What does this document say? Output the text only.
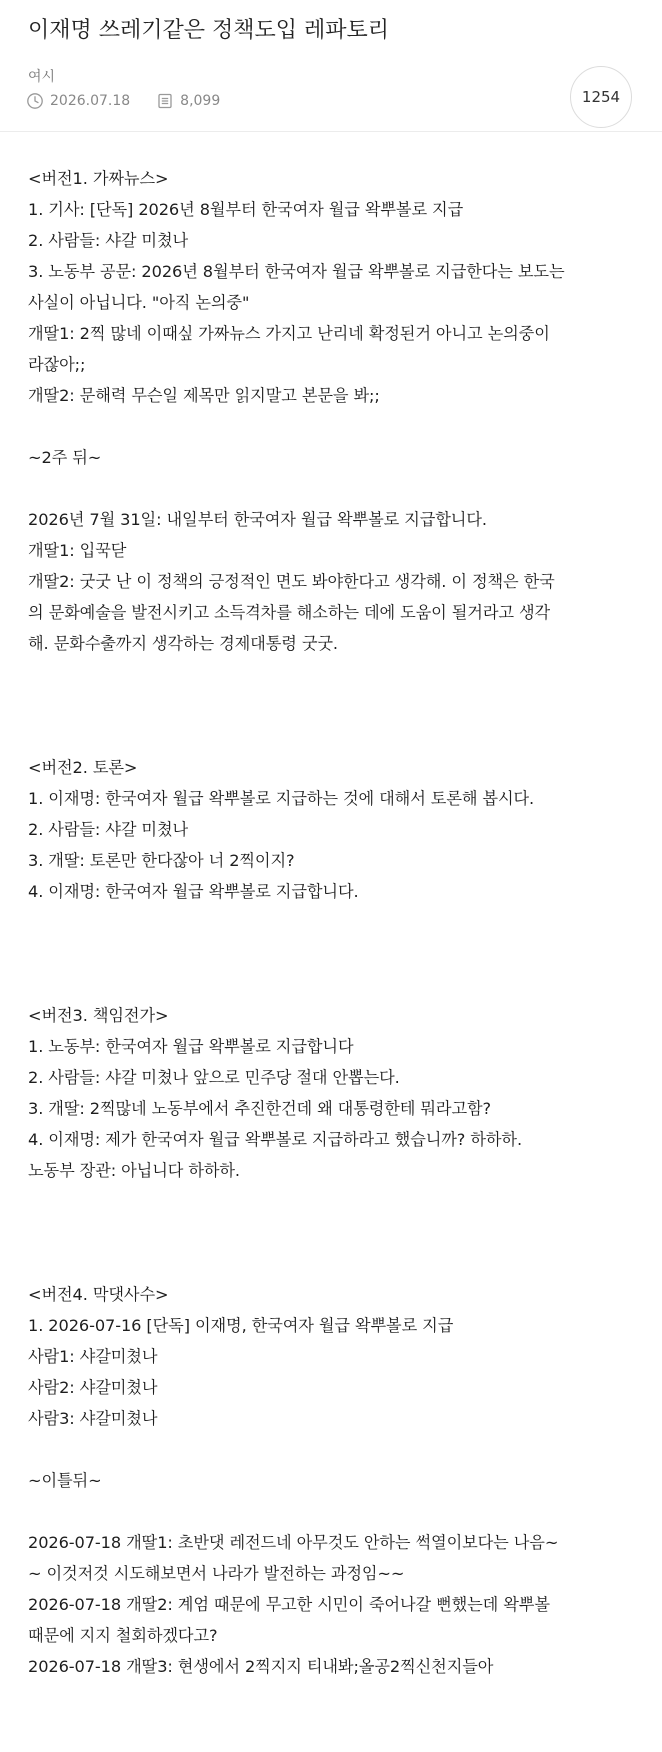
이재명 쓰레기같은 정책도입 레파토리
여시
2026.07.18	8,099	1254
<버전1. 가짜뉴스>
1. 기사: [단독] 2026년 8월부터 한국여자 월급 왁뿌볼로 지급
2. 사람들: 샤갈 미쳤나
3. 노동부 공문: 2026년 8월부터 한국여자 월급 왁뿌볼로 지급한다는 보도는
사실이 아닙니다. "아직 논의중"
개딸1: 2찍 많네 이때싶 가짜뉴스 가지고 난리네 확정된거 아니고 논의중이
라잖아;;
개딸2: 문해력 무슨일 제목만 읽지말고 본문을 봐;;
~2주 뒤~
2026년 7월 31일: 내일부터 한국여자 월급 왁뿌볼로 지급합니다.
개딸1: 입꾹닫
개딸2: 굿굿 난 이 정책의 긍정적인 면도 봐야한다고 생각해. 이 정책은 한국
의 문화예술을 발전시키고 소득격차를 해소하는 데에 도움이 될거라고 생각
해. 문화수출까지 생각하는 경제대통령 굿굿.
<버전2. 토론>
1. 이재명: 한국여자 월급 왁뿌볼로 지급하는 것에 대해서 토론해 봅시다.
2. 사람들: 샤갈 미쳤나
3. 개딸: 토론만 한다잖아 너 2찍이지?
4. 이재명: 한국여자 월급 왁뿌볼로 지급합니다.
<버전3. 책임전가>
1. 노동부: 한국여자 월급 왁뿌볼로 지급합니다
2. 사람들: 샤갈 미쳤나 앞으로 민주당 절대 안뽑는다.
3. 개딸: 2찍많네 노동부에서 추진한건데 왜 대통령한테 뭐라고함?
4. 이재명: 제가 한국여자 월급 왁뿌볼로 지급하라고 했습니까? 하하하.
노동부 장관: 아닙니다 하하하.
<버전4. 막댓사수>
1. 2026-07-16 [단독] 이재명, 한국여자 월급 왁뿌볼로 지급
사람1: 샤갈미쳤나
사람2: 샤갈미쳤나
사람3: 샤갈미쳤나
~이틀뒤~
2026-07-18 개딸1: 초반댓 레전드네 아무것도 안하는 썩열이보다는 나음~
~ 이것저것 시도해보면서 나라가 발전하는 과정임~~
2026-07-18 개딸2: 계엄 때문에 무고한 시민이 죽어나갈 뻔했는데 왁뿌볼
때문에 지지 철회하겠다고?
2026-07-18 개딸3: 현생에서 2찍지지 티내봐;올공2찍신천지들아
